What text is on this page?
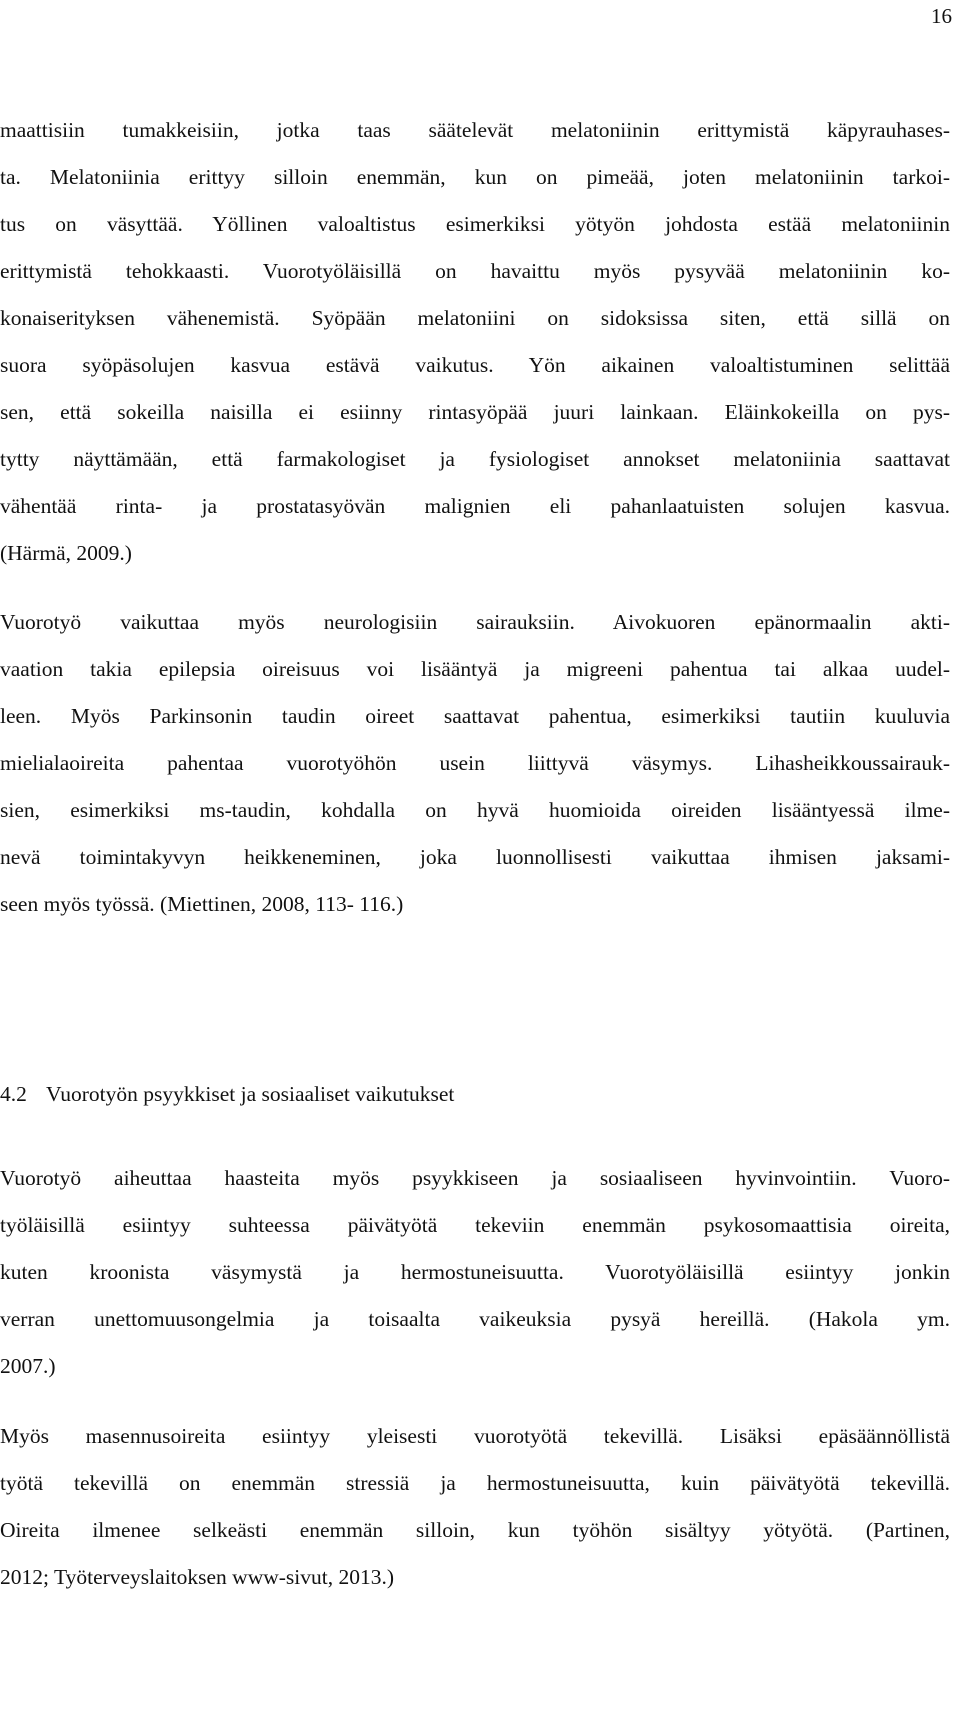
16
maattisiin tumakkeisiin, jotka taas säätelevät melatoniinin erittymistä käpyrauhases-
ta. Melatoniinia erittyy silloin enemmän, kun on pimeää, joten melatoniinin tarkoi-
tus on väsyttää. Yöllinen valoaltistus esimerkiksi yötyön johdosta estää melatoniinin
erittymistä tehokkaasti. Vuorotyöläisillä on havaittu myös pysyvää melatoniinin ko-
konaiserityksen vähenemistä. Syöpään melatoniini on sidoksissa siten, että sillä on
suora syöpäsolujen kasvua estävä vaikutus. Yön aikainen valoaltistuminen selittää
sen, että sokeilla naisilla ei esiinny rintasyöpää juuri lainkaan. Eläinkokeilla on pys-
tytty näyttämään, että farmakologiset ja fysiologiset annokset melatoniinia saattavat
vähentää rinta- ja prostatasyövän malignien eli pahanlaatuisten solujen kasvua.
(Härmä, 2009.)
Vuorotyö vaikuttaa myös neurologisiin sairauksiin. Aivokuoren epänormaalin akti-
vaation takia epilepsia oireisuus voi lisääntyä ja migreeni pahentua tai alkaa uudel-
leen. Myös Parkinsonin taudin oireet saattavat pahentua, esimerkiksi tautiin kuuluvia
mielialaoireita pahentaa vuorotyöhön usein liittyvä väsymys. Lihasheikkoussairauk-
sien, esimerkiksi ms-taudin, kohdalla on hyvä huomioida oireiden lisääntyessä ilme-
nevä toimintakyvyn heikkeneminen, joka luonnollisesti vaikuttaa ihmisen jaksami-
seen myös työssä. (Miettinen, 2008, 113- 116.)
4.2 Vuorotyön psyykkiset ja sosiaaliset vaikutukset
Vuorotyö aiheuttaa haasteita myös psyykkiseen ja sosiaaliseen hyvinvointiin. Vuoro-
työläisillä esiintyy suhteessa päivätyötä tekeviin enemmän psykosomaattisia oireita,
kuten kroonista väsymystä ja hermostuneisuutta. Vuorotyöläisillä esiintyy jonkin
verran unettomuusongelmia ja toisaalta vaikeuksia pysyä hereillä. (Hakola ym.
2007.)
Myös masennusoireita esiintyy yleisesti vuorotyötä tekevillä. Lisäksi epäsäännöllistä
työtä tekevillä on enemmän stressiä ja hermostuneisuutta, kuin päivätyötä tekevillä.
Oireita ilmenee selkeästi enemmän silloin, kun työhön sisältyy yötyötä. (Partinen,
2012; Työterveyslaitoksen www-sivut, 2013.)
